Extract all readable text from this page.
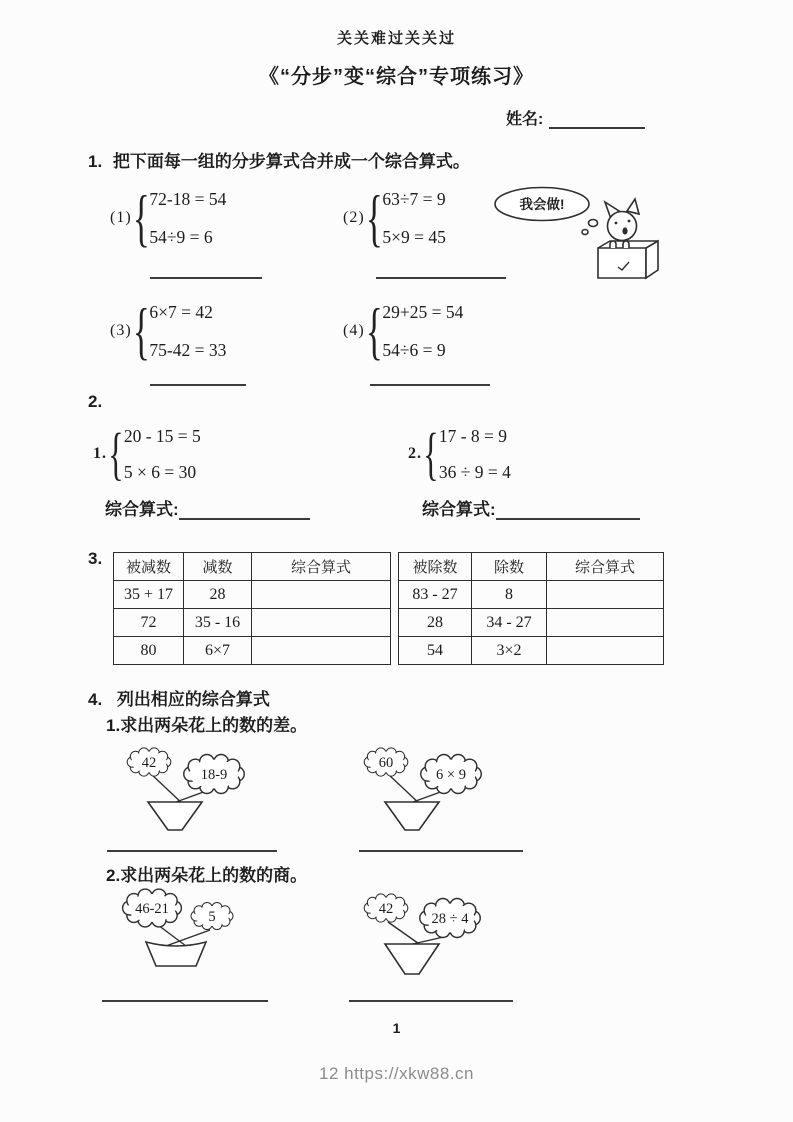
关关难过关关过
《“分步”变“综合”专项练习》
姓名:
1. 把下面每一组的分步算式合并成一个综合算式。
(1) { 72-18 = 54
54÷9 = 6
(2) { 63÷7 = 9
5×9 = 45
我会做!
(3) { 6×7 = 42
75-42 = 33
(4) { 29+25 = 54
54÷6 = 9
2.
1. { 20 - 15 = 5
5 × 6 = 30
2. { 17 - 8 = 9
36 ÷ 9 = 4
综合算式:	综合算式:
3. 被减数	减数	综合算式
35 + 17	28	
72	35 - 16	
80	6×7	
被除数	除数	综合算式
83 - 27	8	
28	34 - 27	
54	3×2	
4. 列出相应的综合算式
1.求出两朵花上的数的差。
42
18-9
60
6 × 9
2.求出两朵花上的数的商。
46-21	5	42
28 ÷ 4
1
12 https://xkw88.cn
